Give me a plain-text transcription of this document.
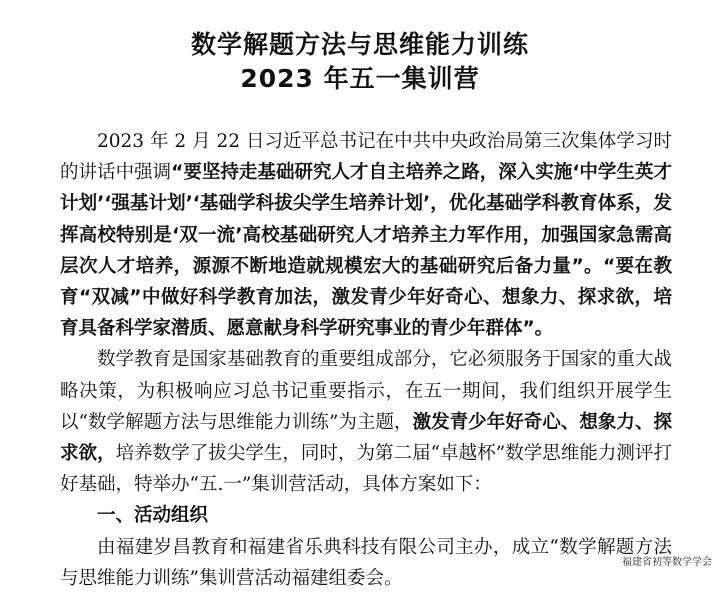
数学解题方法与思维能力训练
2023 年五一集训营

2023 年 2 月 22 日习近平总书记在中共中央政治局第三次集体学习时的讲话中强调“要坚持走基础研究人才自主培养之路，深入实施‘中学生英才计划’‘强基计划’‘基础学科拔尖学生培养计划’，优化基础学科教育体系，发挥高校特别是‘双一流’高校基础研究人才培养主力军作用，加强国家急需高层次人才培养，源源不断地造就规模宏大的基础研究后备力量”。“要在教育“双减”中做好科学教育加法，激发青少年好奇心、想象力、探求欲，培育具备科学家潜质、愿意献身科学研究事业的青少年群体”。

数学教育是国家基础教育的重要组成部分，它必须服务于国家的重大战略决策，为积极响应习总书记重要指示，在五一期间，我们组织开展学生以“数学解题方法与思维能力训练”为主题，激发青少年好奇心、想象力、探求欲，培养数学了拔尖学生，同时，为第二届“卓越杯”数学思维能力测评打好基础，特举办“五.一”集训营活动，具体方案如下：

一、活动组织

由福建岁昌教育和福建省乐典科技有限公司主办，成立“数学解题方法与思维能力训练”集训营活动福建组委会。

福建省初等数学学会
